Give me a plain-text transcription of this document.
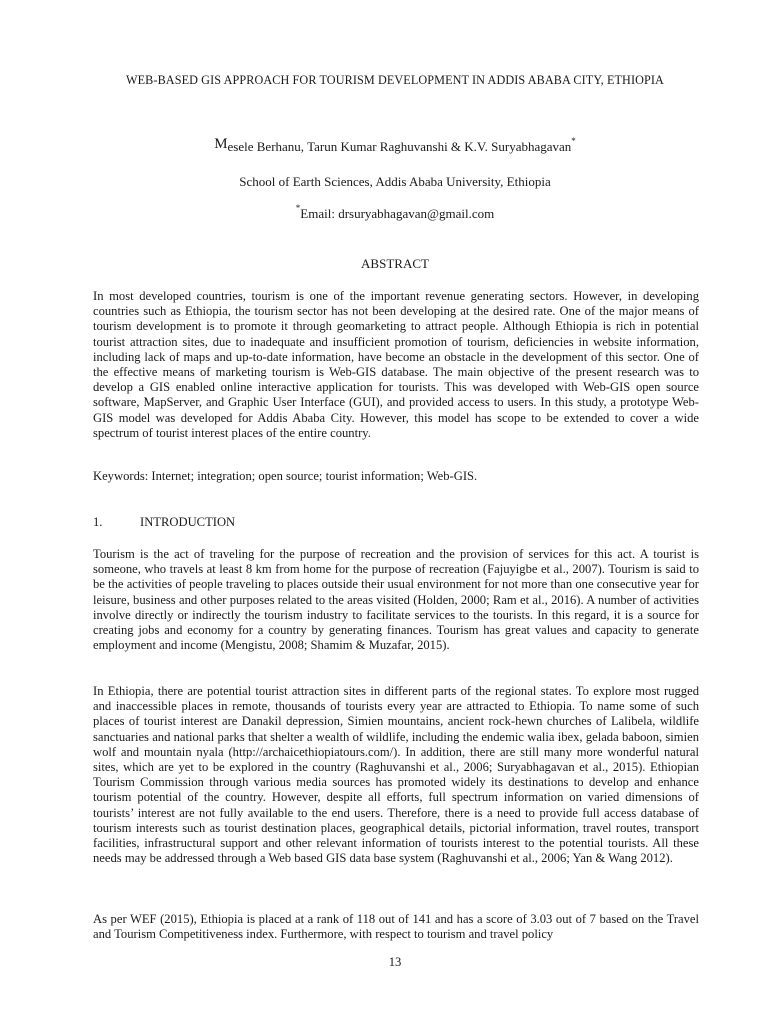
WEB-BASED GIS APPROACH FOR TOURISM DEVELOPMENT IN ADDIS ABABA CITY, ETHIOPIA
Mesele Berhanu, Tarun Kumar Raghuvanshi & K.V. Suryabhagavan*
School of Earth Sciences, Addis Ababa University, Ethiopia
*Email: drsuryabhagavan@gmail.com
ABSTRACT

In most developed countries, tourism is one of the important revenue generating sectors. However, in developing countries such as Ethiopia, the tourism sector has not been developing at the desired rate. One of the major means of tourism development is to promote it through geomarketing to attract people. Although Ethiopia is rich in potential tourist attraction sites, due to inadequate and insufficient promotion of tourism, deficiencies in website information, including lack of maps and up-to-date information, have become an obstacle in the development of this sector. One of the effective means of marketing tourism is Web-GIS database. The main objective of the present research was to develop a GIS enabled online interactive application for tourists. This was developed with Web-GIS open source software, MapServer, and Graphic User Interface (GUI), and provided access to users. In this study, a prototype Web-GIS model was developed for Addis Ababa City. However, this model has scope to be extended to cover a wide spectrum of tourist interest places of the entire country.

Keywords: Internet; integration; open source; tourist information; Web-GIS.

1.	INTRODUCTION

Tourism is the act of traveling for the purpose of recreation and the provision of services for this act. A tourist is someone, who travels at least 8 km from home for the purpose of recreation (Fajuyigbe et al., 2007). Tourism is said to be the activities of people traveling to places outside their usual environment for not more than one consecutive year for leisure, business and other purposes related to the areas visited (Holden, 2000; Ram et al., 2016). A number of activities involve directly or indirectly the tourism industry to facilitate services to the tourists. In this regard, it is a source for creating jobs and economy for a country by generating finances. Tourism has great values and capacity to generate employment and income (Mengistu, 2008; Shamim & Muzafar, 2015).

In Ethiopia, there are potential tourist attraction sites in different parts of the regional states. To explore most rugged and inaccessible places in remote, thousands of tourists every year are attracted to Ethiopia. To name some of such places of tourist interest are Danakil depression, Simien mountains, ancient rock-hewn churches of Lalibela, wildlife sanctuaries and national parks that shelter a wealth of wildlife, including the endemic walia ibex, gelada baboon, simien wolf and mountain nyala (http://archaicethiopiatours.com/). In addition, there are still many more wonderful natural sites, which are yet to be explored in the country (Raghuvanshi et al., 2006; Suryabhagavan et al., 2015). Ethiopian Tourism Commission through various media sources has promoted widely its destinations to develop and enhance tourism potential of the country. However, despite all efforts, full spectrum information on varied dimensions of tourists’ interest are not fully available to the end users. Therefore, there is a need to provide full access database of tourism interests such as tourist destination places, geographical details, pictorial information, travel routes, transport facilities, infrastructural support and other relevant information of tourists interest to the potential tourists. All these needs may be addressed through a Web based GIS data base system (Raghuvanshi et al., 2006; Yan & Wang 2012).

As per WEF (2015), Ethiopia is placed at a rank of 118 out of 141 and has a score of 3.03 out of 7 based on the Travel and Tourism Competitiveness index. Furthermore, with respect to tourism and travel policy

13
